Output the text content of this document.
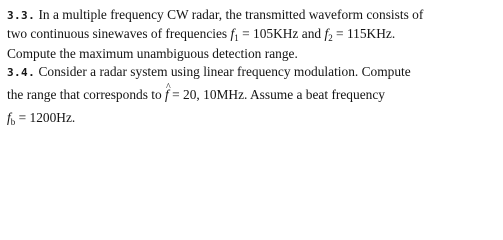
3.3. In a multiple frequency CW radar, the transmitted waveform consists of
two continuous sinewaves of frequencies $f_1 = 105KHz$ and $f_2 = 115KHz$.
Compute the maximum unambiguous detection range.
3.4. Consider a radar system using linear frequency modulation. Compute
the range that corresponds to ^ f = 20, 10MHz. Assume a beat frequency
$f_b = 1200Hz$.
